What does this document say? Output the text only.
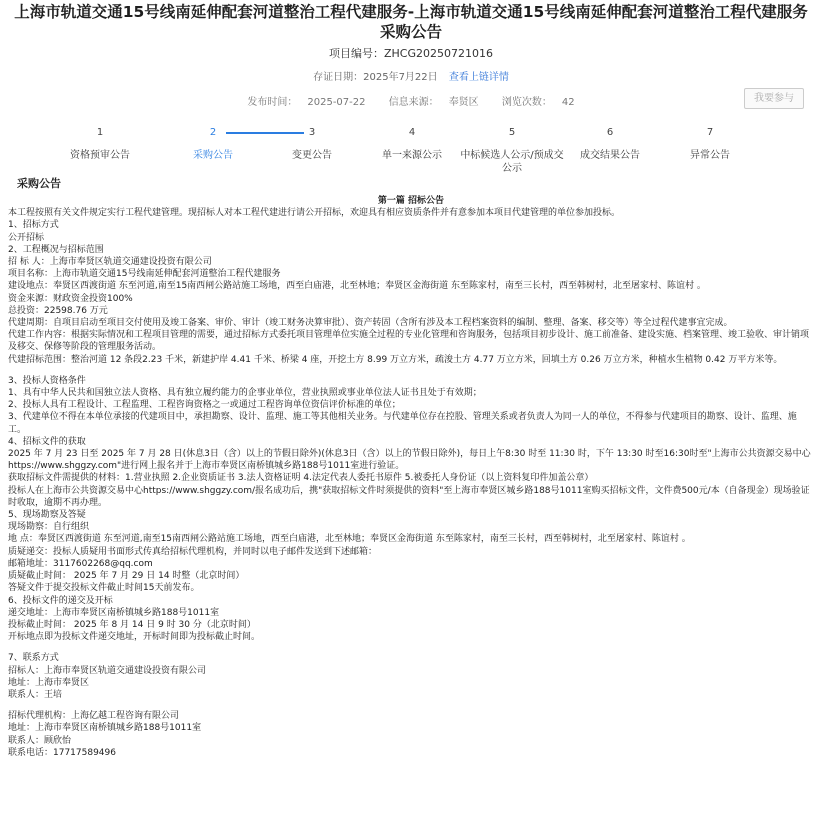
上海市轨道交通15号线南延伸配套河道整治工程代建服务-上海市轨道交通15号线南延伸配套河道整治工程代建服务采购公告
项目编号：ZHCG20250721016
存证日期：2025年7月22日 查看上链详情
发布时间： 2025-07-22 信息来源： 奉贤区 浏览次数： 42	我要参与
1
资格预审公告
2
采购公告
3
变更公告
4
单一来源公示
5
中标候选人公示/预成交公示
6
成交结果公告
7
异常公告
采购公告
第一篇 招标公告

本工程按照有关文件规定实行工程代建管理。现招标人对本工程代建进行请公开招标，欢迎具有相应资质条件并有意参加本项目代建管理的单位参加投标。

1、招标方式

公开招标

2、工程概况与招标范围

招 标 人：上海市奉贤区轨道交通建设投资有限公司

项目名称：上海市轨道交通15号线南延伸配套河道整治工程代建服务

建设地点：奉贤区西渡街道 东至河道,南至15南西闸公路站施工场地，西至白庙港，北至林地；奉贤区金海街道 东至陈家村，南至三长村，西至韩树村，北至屠家村、陈谊村 。

资金来源：财政资金投资100%

总投资：22598.76 万元

代建周期：自项目启动至项目交付使用及竣工备案、审价、审计（竣工财务决算审批）、资产转固（含所有涉及本工程档案资料的编制、整理、备案、移交等）等全过程代建事宜完成。

代建工作内容：根据实际情况和工程项目管理的需要，通过招标方式委托项目管理单位实施全过程的专业化管理和咨询服务，包括项目初步设计、施工前准备、建设实施、档案管理、竣工验收、审计销项及移交、保修等阶段的管理服务活动。

代建招标范围：整治河道 12 条段2.23 千米，新建护岸 4.41 千米、桥梁 4 座，开挖土方 8.99 万立方米，疏浚土方 4.77 万立方米，回填土方 0.26 万立方米，种植水生植物 0.42 万平方米等。

3、投标人资格条件

1、具有中华人民共和国独立法人资格、具有独立履约能力的企事业单位，营业执照或事业单位法人证书且处于有效期；

2、投标人具有工程设计、工程监理、工程咨询资格之一或通过工程咨询单位资信评价标准的单位；

3、代建单位不得在本单位承接的代建项目中，承担勘察、设计、监理、施工等其他相关业务。与代建单位存在控股、管理关系或者负责人为同一人的单位，不得参与代建项目的勘察、设计、监理、施工。

4、招标文件的获取

2025 年 7 月 23 日至 2025 年 7 月 28 日(休息3日（含）以上的节假日除外)(休息3日（含）以上的节假日除外)，每日上午8:30 时至 11:30 时，下午 13:30 时至16:30时至"上海市公共资源交易中心 https://www.shggzy.com"进行网上报名并于上海市奉贤区南桥镇城乡路188号1011室进行验证。

获取招标文件需提供的材料：1.营业执照 2.企业资质证书 3.法人资格证明 4.法定代表人委托书原件 5.被委托人身份证（以上资料复印件加盖公章）

投标人在上海市公共资源交易中心https://www.shggzy.com/报名成功后，携"获取招标文件时须提供的资料"至上海市奉贤区城乡路188号1011室购买招标文件，文件费500元/本（自备现金）现场验证时收取，逾期不再办理。

5、现场勘察及答疑

现场勘察：自行组织

地 点：奉贤区西渡街道 东至河道,南至15南西闸公路站施工场地，西至白庙港，北至林地；奉贤区金海街道 东至陈家村，南至三长村，西至韩树村，北至屠家村、陈谊村 。

质疑递交：投标人质疑用书面形式传真给招标代理机构，并同时以电子邮件发送到下述邮箱：

邮箱地址：3117602268@qq.com

质疑截止时间： 2025 年 7 月 29 日 14 时整（北京时间）

答疑文件于提交投标文件截止时间15天前发布。

6、投标文件的递交及开标

递交地址：上海市奉贤区南桥镇城乡路188号1011室

投标截止时间： 2025 年 8 月 14 日 9 时 30 分（北京时间）

开标地点即为投标文件递交地址，开标时间即为投标截止时间。

7、联系方式

招标人：上海市奉贤区轨道交通建设投资有限公司

地址：上海市奉贤区

联系人：王培

招标代理机构：上海亿越工程咨询有限公司

地址：上海市奉贤区南桥镇城乡路188号1011室

联系人：顾欣怡

联系电话：17717589496
